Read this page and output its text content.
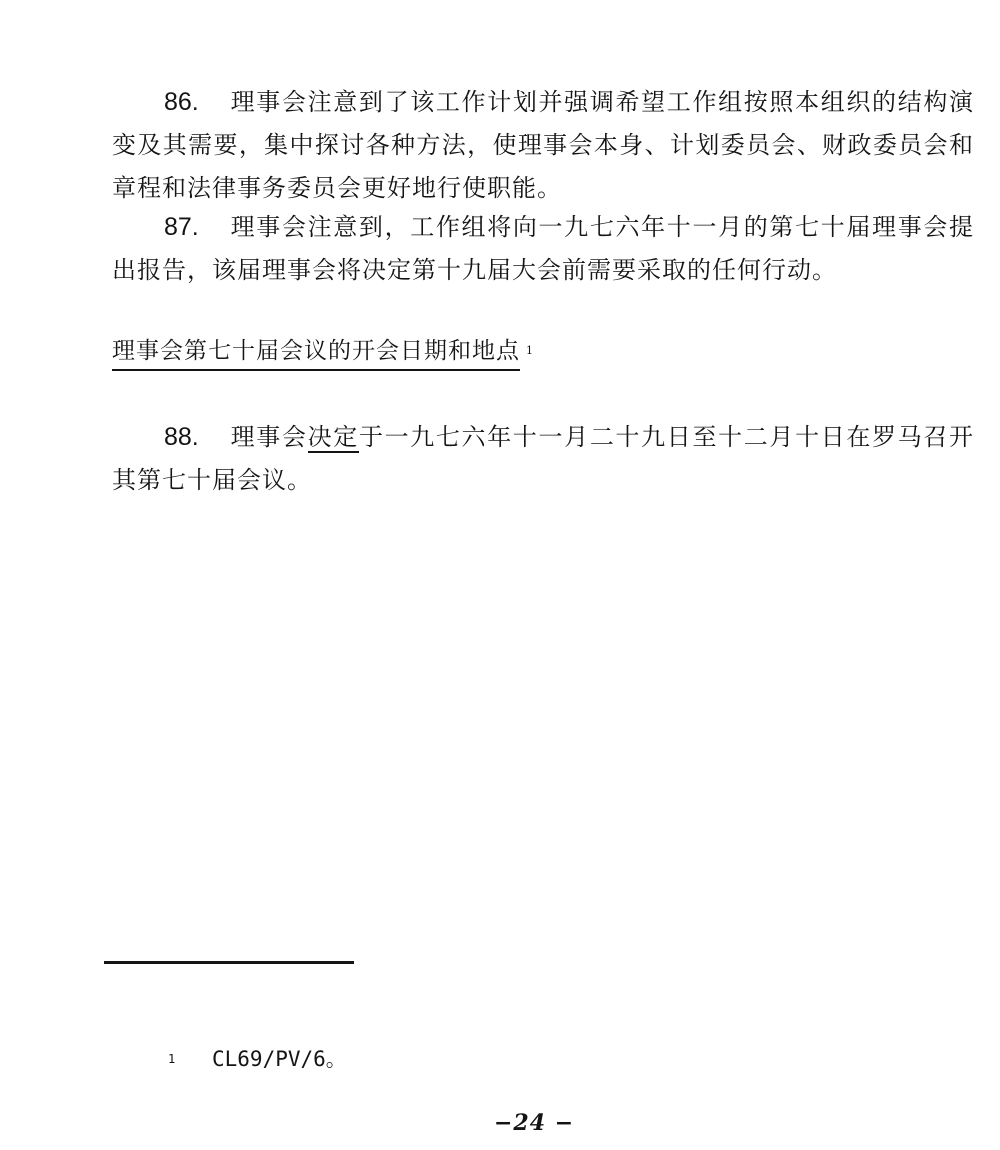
86. 理事会注意到了该工作计划并强调希望工作组按照本组织的结构演变及其需要，集中探讨各种方法，使理事会本身、计划委员会、财政委员会和章程和法律事务委员会更好地行使职能。
87. 理事会注意到，工作组将向一九七六年十一月的第七十届理事会提出报告，该届理事会将决定第十九届大会前需要采取的任何行动。
理事会第七十届会议的开会日期和地点 $^1$
88. 理事会决定于一九七六年十一月二十九日至十二月十日在罗马召开其第七十届会议。
1 CL69/PV/6。
−24 −
